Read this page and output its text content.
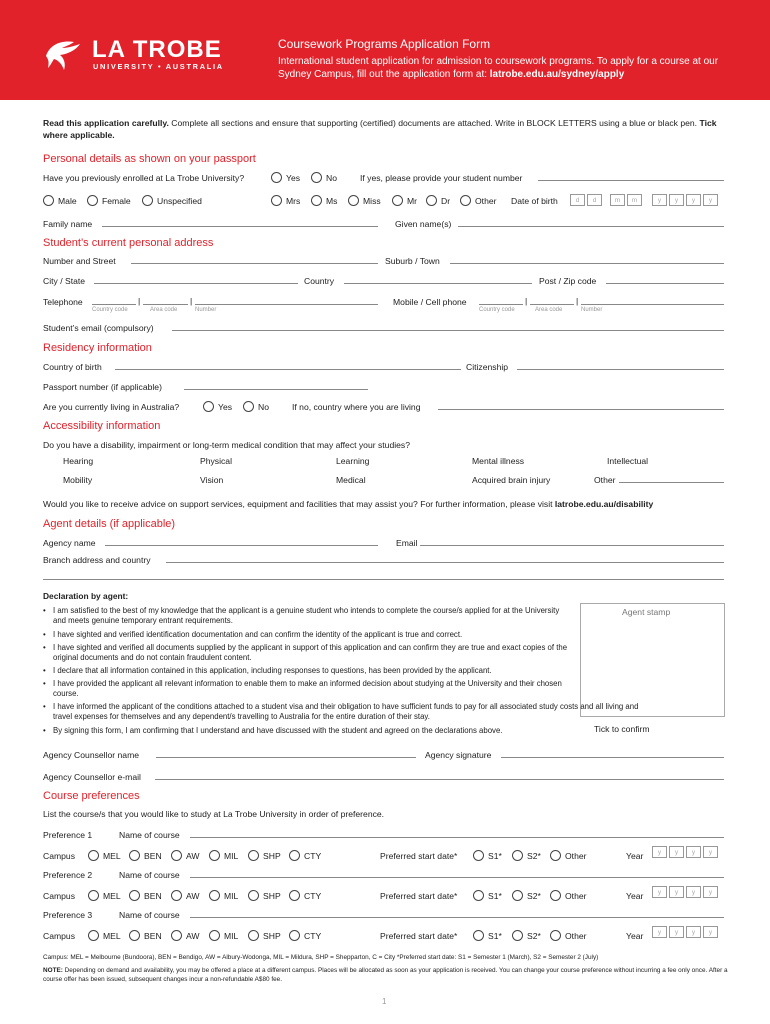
LA TROBE
UNIVERSITY • AUSTRALIA
Coursework Programs Application Form
International student application for admission to coursework programs. To apply for a course at our Sydney Campus, fill out the application form at: latrobe.edu.au/sydney/apply
Read this application carefully. Complete all sections and ensure that supporting (certified) documents are attached. Write in BLOCK LETTERS using a blue or black pen. Tick where applicable.
Personal details as shown on your passport
Have you previously enrolled at La Trobe University?	Yes	No	If yes, please provide your student number
Male	Female	Unspecified	Mrs	Ms	Miss	Mr	Dr	Other Date of birth	d	d	m	m	y	y	y	y
Family name	Given name(s)
Student’s current personal address
Number and Street	Suburb / Town
City / State	Country	Post / Zip code
Telephone	|	|
Country code	Area code	Number
Mobile / Cell phone	|	|
Country code	Area code	Number
Student’s email (compulsory)
Residency information
Country of birth	Citizenship
Passport number (if applicable)
Are you currently living in Australia?	Yes	No	If no, country where you are living
Accessibility information
Do you have a disability, impairment or long-term medical condition that may affect your studies?
Hearing	Physical	Learning	Mental illness	Intellectual
Mobility	Vision	Medical	Acquired brain injury	Other
Would you like to receive advice on support services, equipment and facilities that may assist you? For further information, please visit latrobe.edu.au/disability
Agent details (if applicable)
Agency name	Email
Branch address and country
Declaration by agent:
Agent stamp
• I am satisfied to the best of my knowledge that the applicant is a genuine student who intends to complete the course/s applied for at the University and meets genuine temporary entrant requirements.
• I have sighted and verified identification documentation and can confirm the identity of the applicant is true and correct.
• I have sighted and verified all documents supplied by the applicant in support of this application and can confirm they are true and exact copies of the original documents and do not contain fraudulent content.
• I declare that all information contained in this application, including responses to questions, has been provided by the applicant.
• I have provided the applicant all relevant information to enable them to make an informed decision about studying at the University and their chosen course.
• I have informed the applicant of the conditions attached to a student visa and their obligation to have sufficient funds to pay for all associated study costs and all living and travel expenses for themselves and any dependent/s travelling to Australia for the entire duration of their stay.
• By signing this form, I am confirming that I understand and have discussed with the student and agreed on the declarations above.	Tick to confirm
Agency Counsellor name	Agency signature
Agency Counsellor e-mail
Course preferences
List the course/s that you would like to study at La Trobe University in order of preference.
Preference 1	Name of course
Campus	MEL	BEN	AW	MIL	SHP	CTY	Preferred start date*	S1*	S2*	Other	Year	y	y	y	y
Preference 2	Name of course
Campus	MEL	BEN	AW	MIL	SHP	CTY	Preferred start date*	S1*	S2*	Other	Year	y	y	y	y
Preference 3	Name of course
Campus	MEL	BEN	AW	MIL	SHP	CTY	Preferred start date*	S1*	S2*	Other	Year	y	y	y	y
Campus: MEL = Melbourne (Bundoora), BEN = Bendigo, AW = Albury-Wodonga, MIL = Mildura, SHP = Shepparton, C = City *Preferred start date: S1 = Semester 1 (March), S2 = Semester 2 (July)
NOTE: Depending on demand and availability, you may be offered a place at a different campus. Places will be allocated as soon as your application is received. You can change your course preference without incurring a fee only once. After a course offer has been issued, subsequent changes incur a non-refundable A$80 fee.
1
